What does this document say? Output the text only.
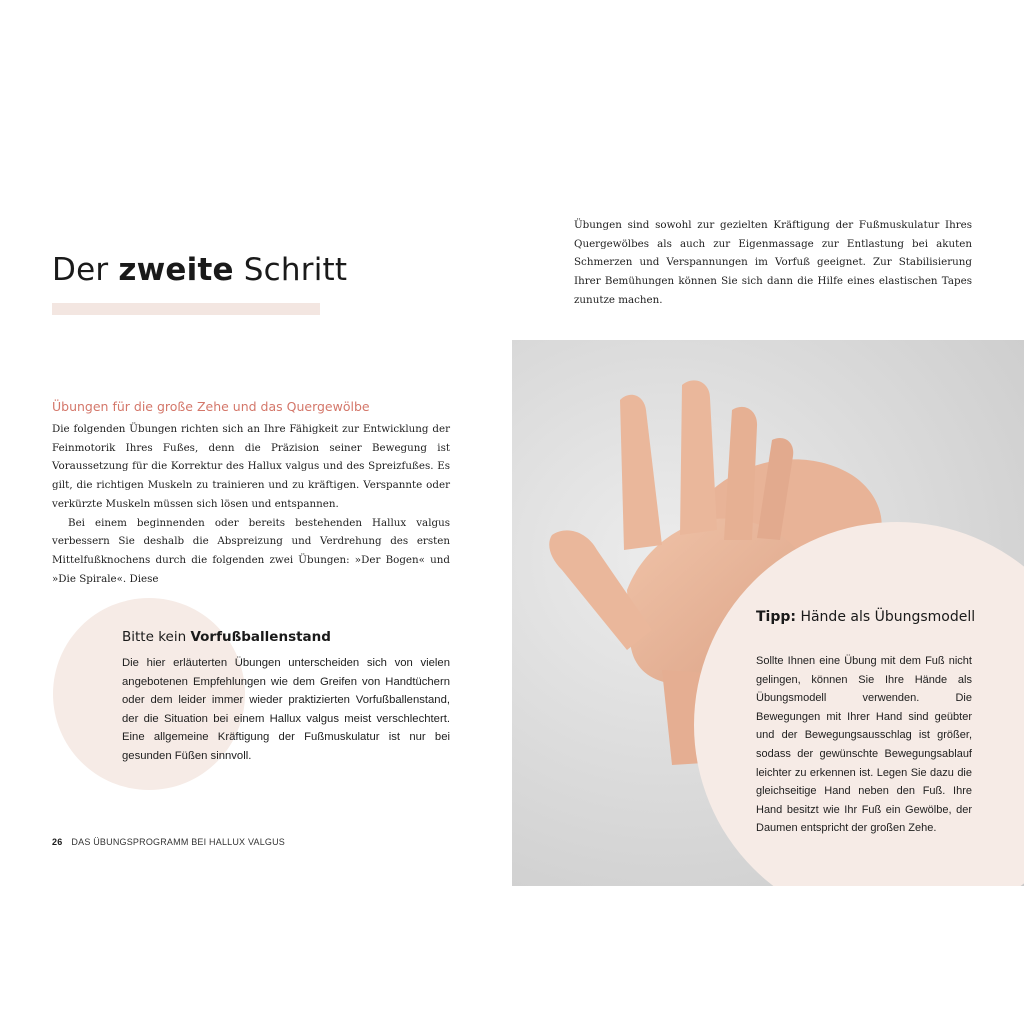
Der zweite Schritt
Übungen für die große Zehe und das Quergewölbe

Die folgenden Übungen richten sich an Ihre Fähigkeit zur Entwicklung der Feinmotorik Ihres Fußes, denn die Präzision seiner Bewegung ist Voraussetzung für die Korrektur des Hallux valgus und des Spreizfußes. Es gilt, die richtigen Muskeln zu trainieren und zu kräftigen. Verspannte oder verkürzte Muskeln müssen sich lösen und entspannen.

Bei einem beginnenden oder bereits bestehenden Hallux valgus verbessern Sie deshalb die Abspreizung und Verdrehung des ersten Mittelfußknochens durch die folgenden zwei Übungen: »Der Bogen« und »Die Spirale«. Diese

Bitte kein Vorfußballenstand

Die hier erläuterten Übungen unterscheiden sich von vielen angebotenen Empfehlungen wie dem Greifen von Handtüchern oder dem leider immer wieder praktizierten Vorfußballenstand, der die Situation bei einem Hallux valgus meist verschlechtert. Eine allgemeine Kräftigung der Fußmuskulatur ist nur bei gesunden Füßen sinnvoll.

26 DAS ÜBUNGSPROGRAMM BEI HALLUX VALGUS

Übungen sind sowohl zur gezielten Kräftigung der Fußmuskulatur Ihres Quergewölbes als auch zur Eigenmassage zur Entlastung bei akuten Schmerzen und Verspannungen im Vorfuß geeignet. Zur Stabilisierung Ihrer Bemühungen können Sie sich dann die Hilfe eines elastischen Tapes zunutze machen.

Tipp: Hände als Übungsmodell

Sollte Ihnen eine Übung mit dem Fuß nicht gelingen, können Sie Ihre Hände als Übungsmodell verwenden. Die Bewegungen mit Ihrer Hand sind geübter und der Bewegungsausschlag ist größer, sodass der gewünschte Bewegungsablauf leichter zu erkennen ist. Legen Sie dazu die gleichseitige Hand neben den Fuß. Ihre Hand besitzt wie Ihr Fuß ein Gewölbe, der Daumen entspricht der großen Zehe.
